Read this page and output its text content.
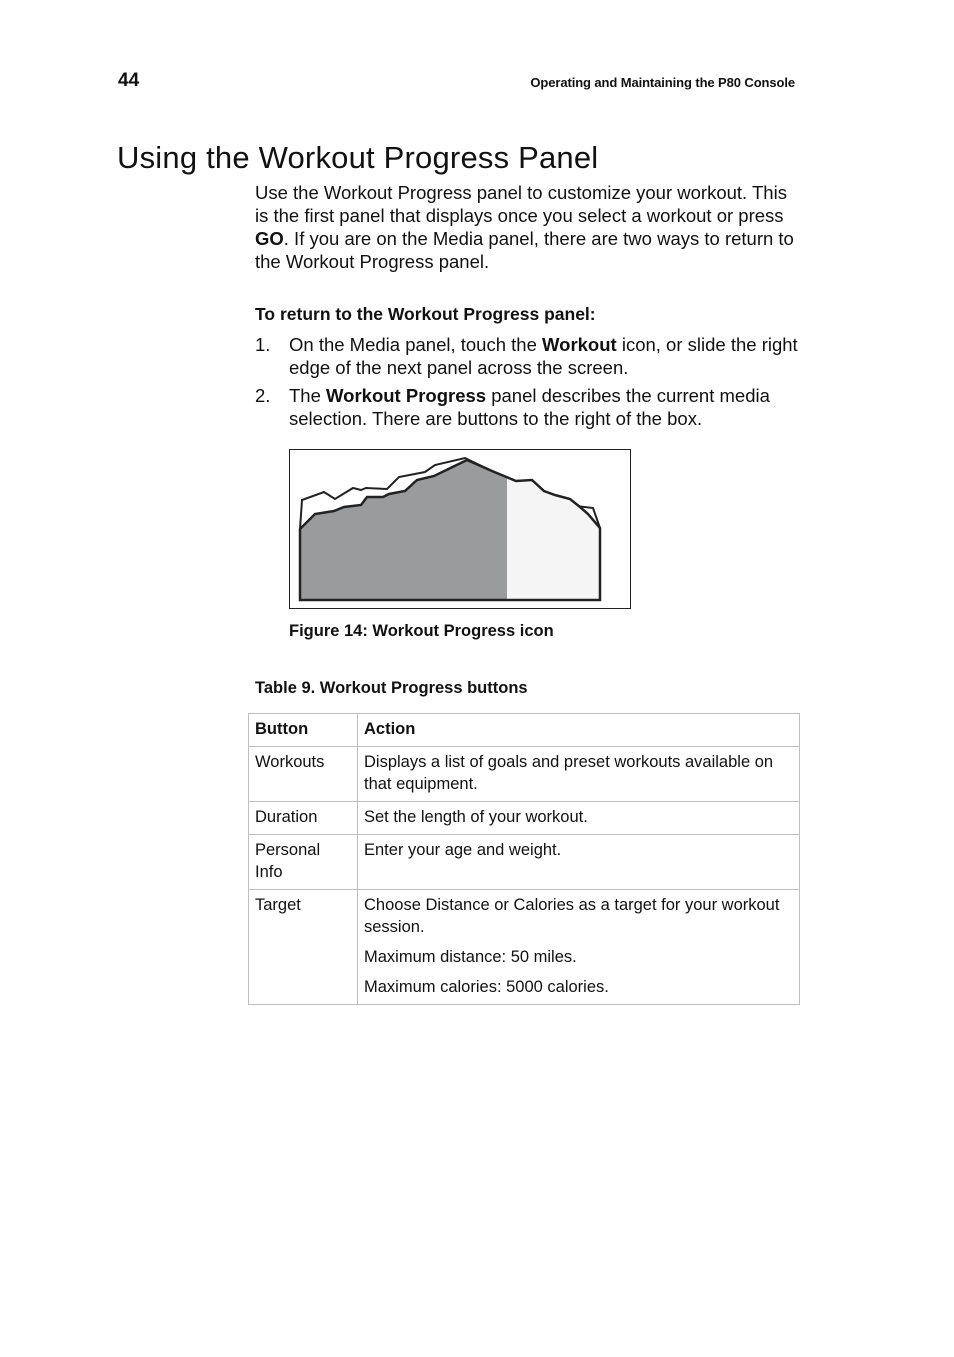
44	Operating and Maintaining the P80 Console
Using the Workout Progress Panel

Use the Workout Progress panel to customize your workout. This is the first panel that displays once you select a workout or press GO. If you are on the Media panel, there are two ways to return to the Workout Progress panel.

To return to the Workout Progress panel:

1. On the Media panel, touch the Workout icon, or slide the right edge of the next panel across the screen.
2. The Workout Progress panel describes the current media selection. There are buttons to the right of the box.

Figure 14: Workout Progress icon

Table 9. Workout Progress buttons

Button	Action
Workouts	Displays a list of goals and preset workouts available on that equipment.

Duration	Set the length of your workout.

Personal Info	Enter your age and weight.

Target	Choose Distance or Calories as a target for your workout session.

Maximum distance: 50 miles.

Maximum calories: 5000 calories.
